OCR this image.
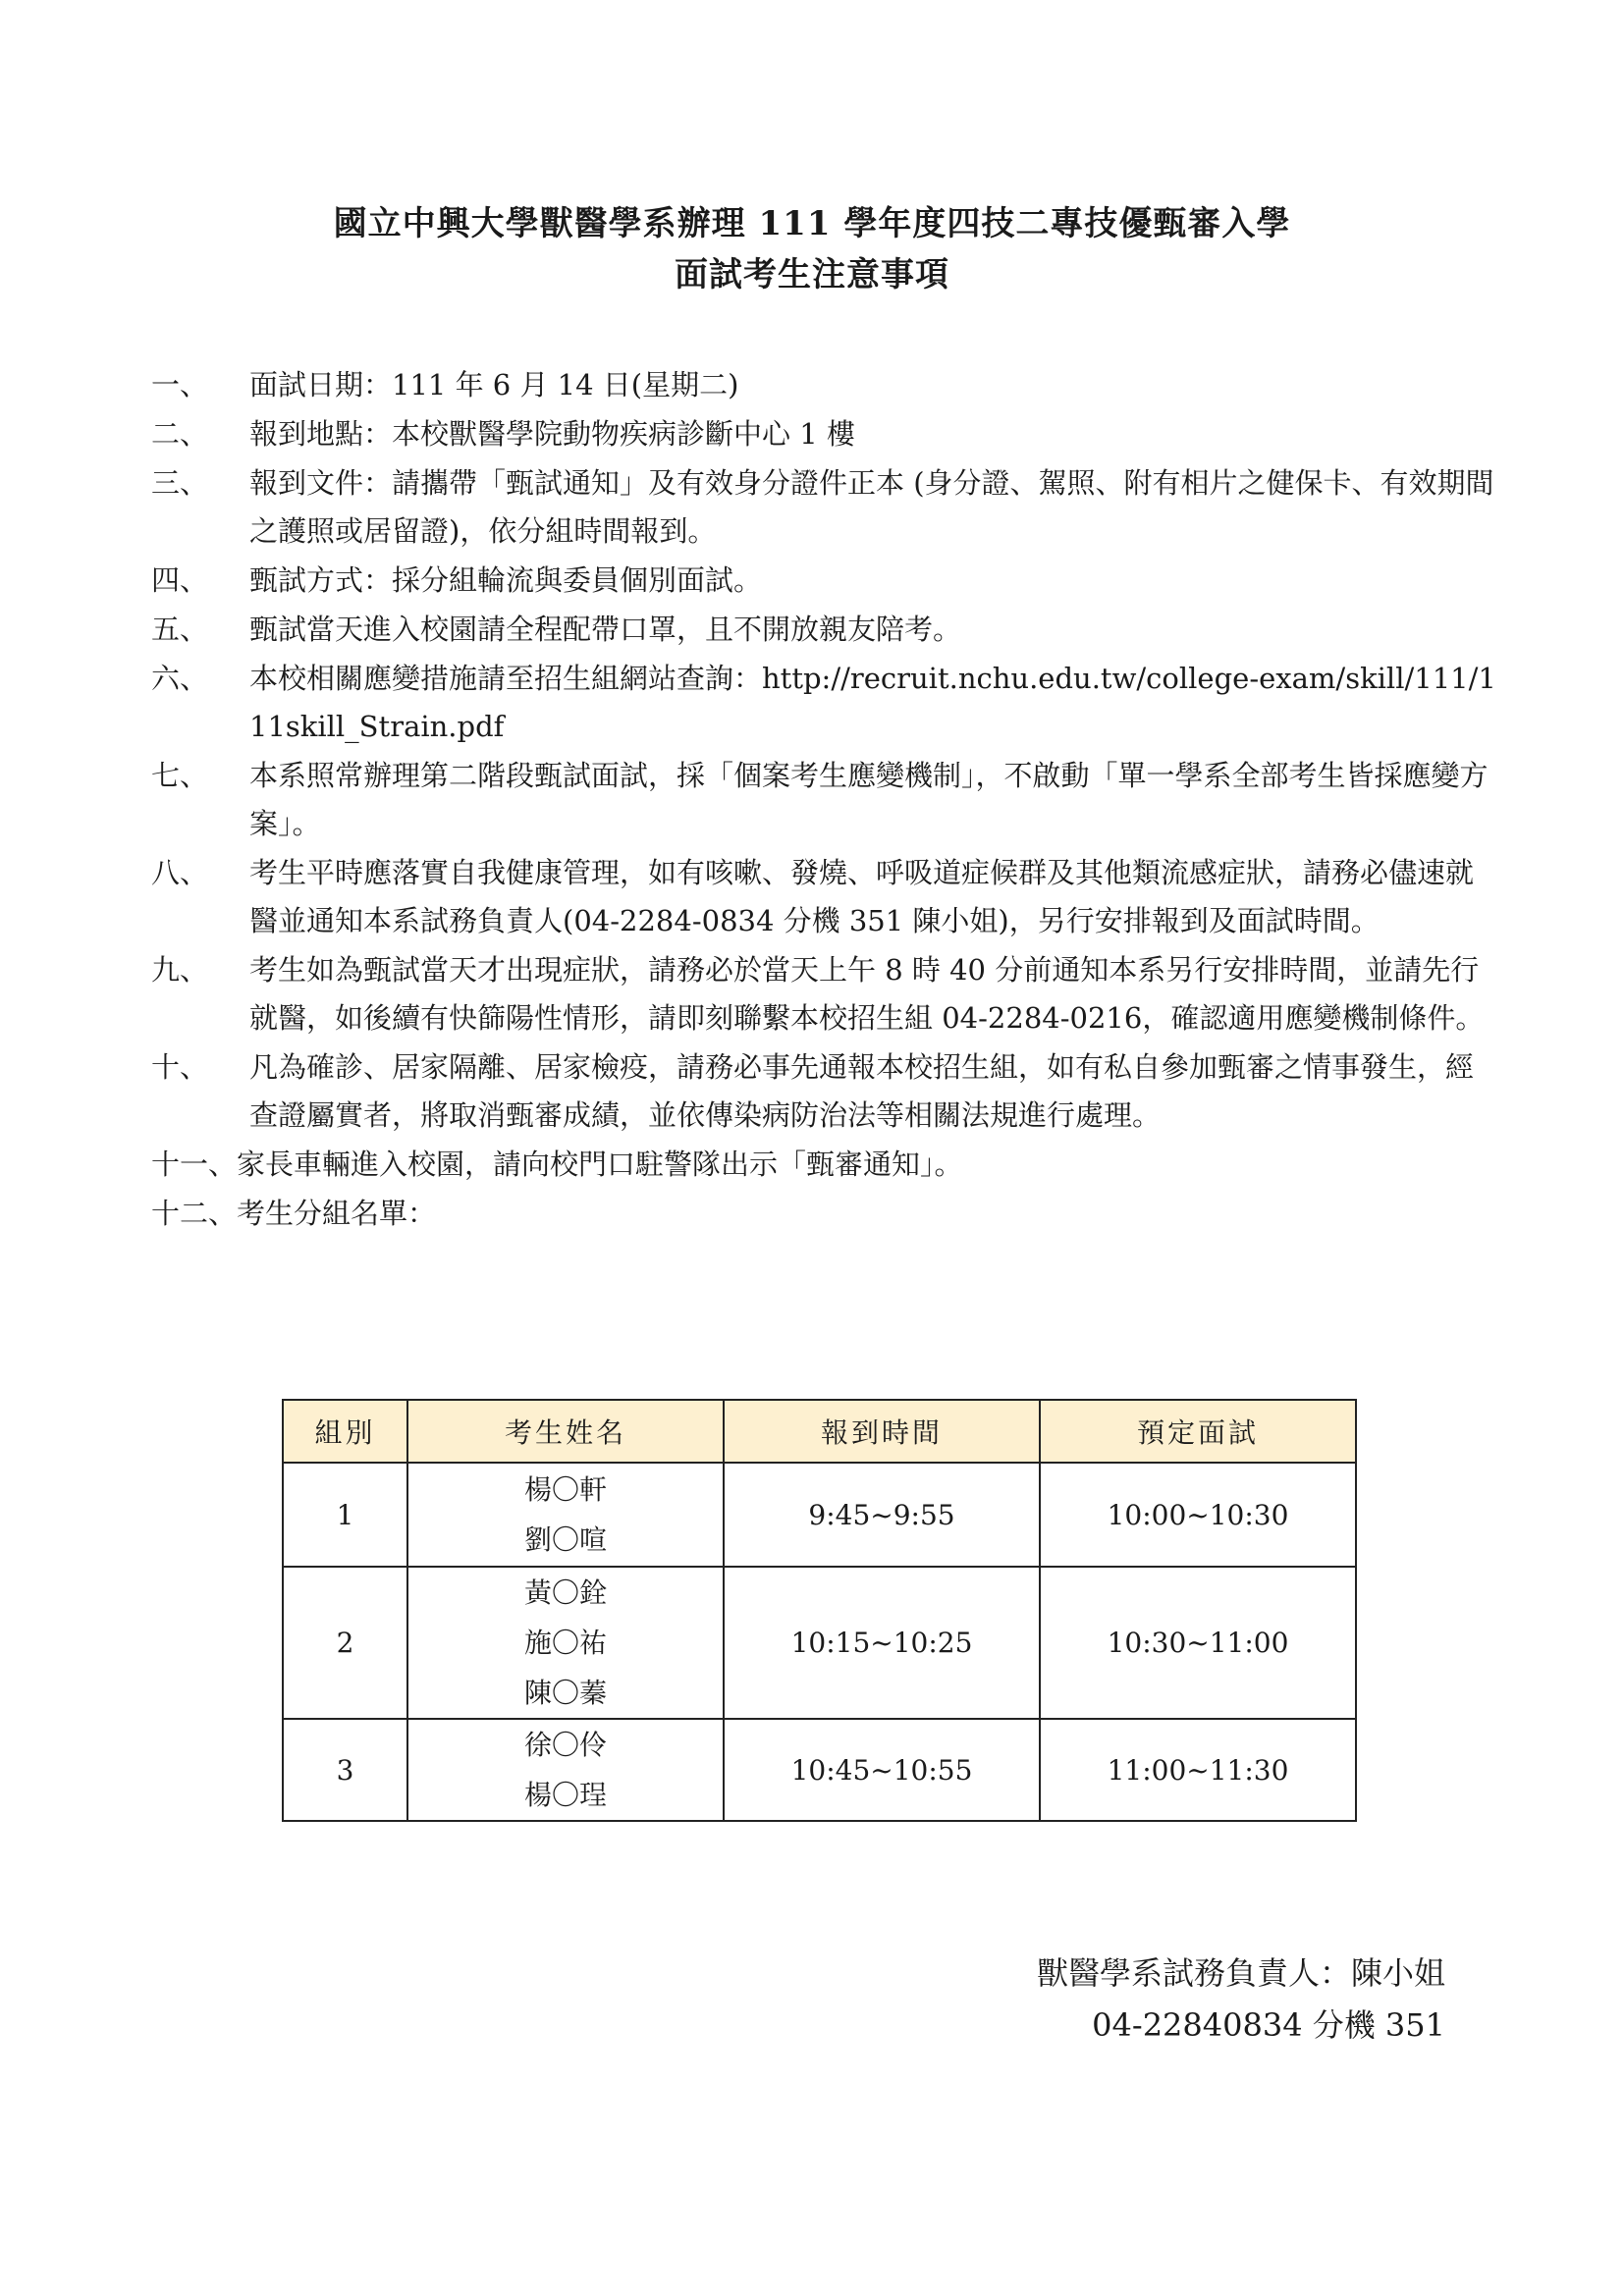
國立中興大學獸醫學系辦理 111 學年度四技二專技優甄審入學
面試考生注意事項
一、	面試日期：111 年 6 月 14 日(星期二)
二、	報到地點：本校獸醫學院動物疾病診斷中心 1 樓
三、	報到文件：請攜帶「甄試通知」及有效身分證件正本 (身分證、駕照、附有相片之健保卡、有效期間之護照或居留證)，依分組時間報到。
四、	甄試方式：採分組輪流與委員個別面試。
五、	甄試當天進入校園請全程配帶口罩，且不開放親友陪考。
六、	本校相關應變措施請至招生組網站查詢：http://recruit.nchu.edu.tw/college-exam/skill/111/111skill_Strain.pdf
七、	本系照常辦理第二階段甄試面試，採「個案考生應變機制」，不啟動「單一學系全部考生皆採應變方案」。
八、	考生平時應落實自我健康管理，如有咳嗽、發燒、呼吸道症候群及其他類流感症狀，請務必儘速就醫並通知本系試務負責人(04-2284-0834 分機 351 陳小姐)，另行安排報到及面試時間。
九、	考生如為甄試當天才出現症狀，請務必於當天上午 8 時 40 分前通知本系另行安排時間，並請先行就醫，如後續有快篩陽性情形，請即刻聯繫本校招生組 04-2284-0216，確認適用應變機制條件。
十、	凡為確診、居家隔離、居家檢疫，請務必事先通報本校招生組，如有私自參加甄審之情事發生，經查證屬實者，將取消甄審成績，並依傳染病防治法等相關法規進行處理。
十一、家長車輛進入校園，請向校門口駐警隊出示「甄審通知」。
十二、考生分組名單：
組別	考生姓名	報到時間	預定面試
1	楊〇軒
劉〇喧	9:45~9:55	10:00~10:30
2	黃〇銓
施〇祐
陳〇蓁	10:15~10:25	10:30~11:00
3	徐〇伶
楊〇珵	10:45~10:55	11:00~11:30
獸醫學系試務負責人：陳小姐
04-22840834 分機 351
